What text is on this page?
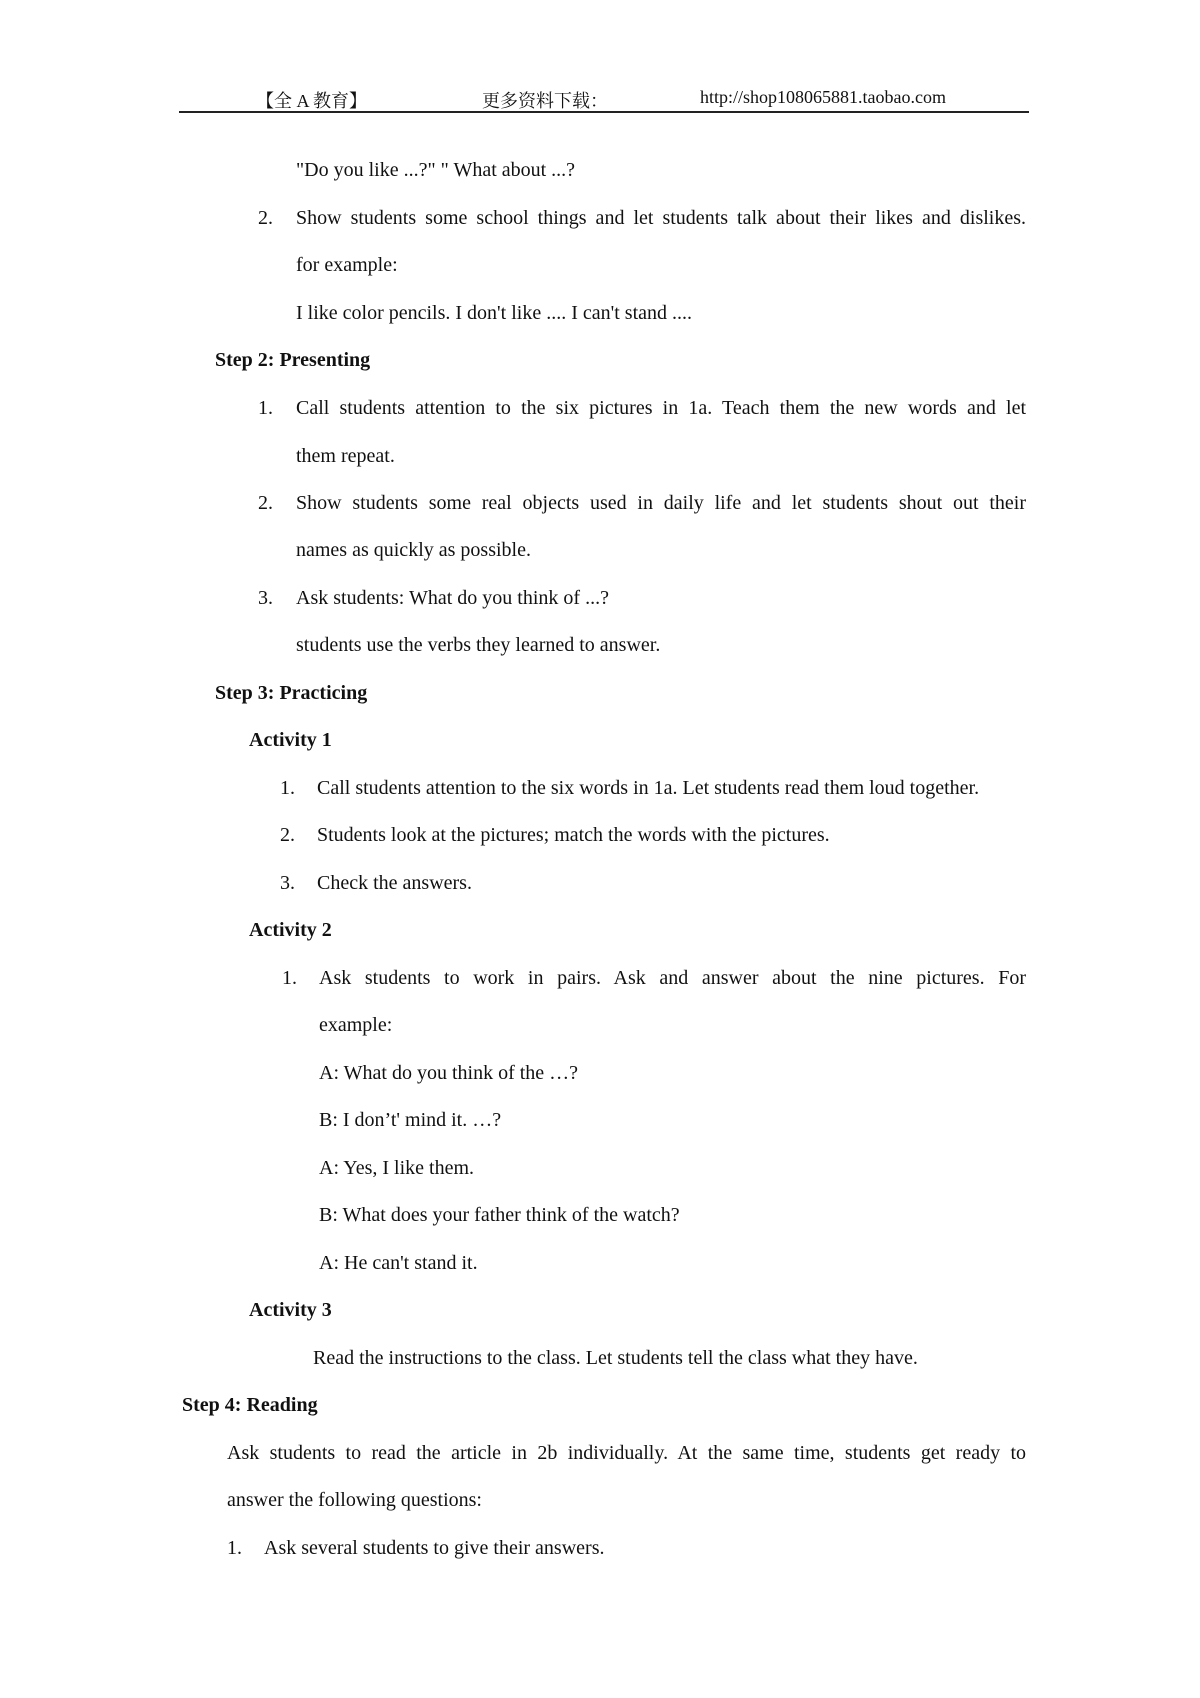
【全 A 教育】	更多资料下载：	http://shop108065881.taobao.com
"Do you like ...?" " What about ...?
2. Show students some school things and let students talk about their likes and dislikes.
for example:
I like color pencils. I don't like .... I can't stand ....
Step 2: Presenting
1. Call students attention to the six pictures in 1a. Teach them the new words and let
them repeat.
2. Show students some real objects used in daily life and let students shout out their
names as quickly as possible.
3. Ask students: What do you think of ...?
students use the verbs they learned to answer.
Step 3: Practicing
Activity 1
1. Call students attention to the six words in 1a. Let students read them loud together.
2. Students look at the pictures; match the words with the pictures.
3. Check the answers.
Activity 2
1. Ask students to work in pairs. Ask and answer about the nine pictures. For
example:
A: What do you think of the …?
B: I don’t' mind it. …?
A: Yes, I like them.
B: What does your father think of the watch?
A: He can't stand it.
Activity 3
Read the instructions to the class. Let students tell the class what they have.
Step 4: Reading
Ask students to read the article in 2b individually. At the same time, students get ready to
answer the following questions:
1. Ask several students to give their answers.
